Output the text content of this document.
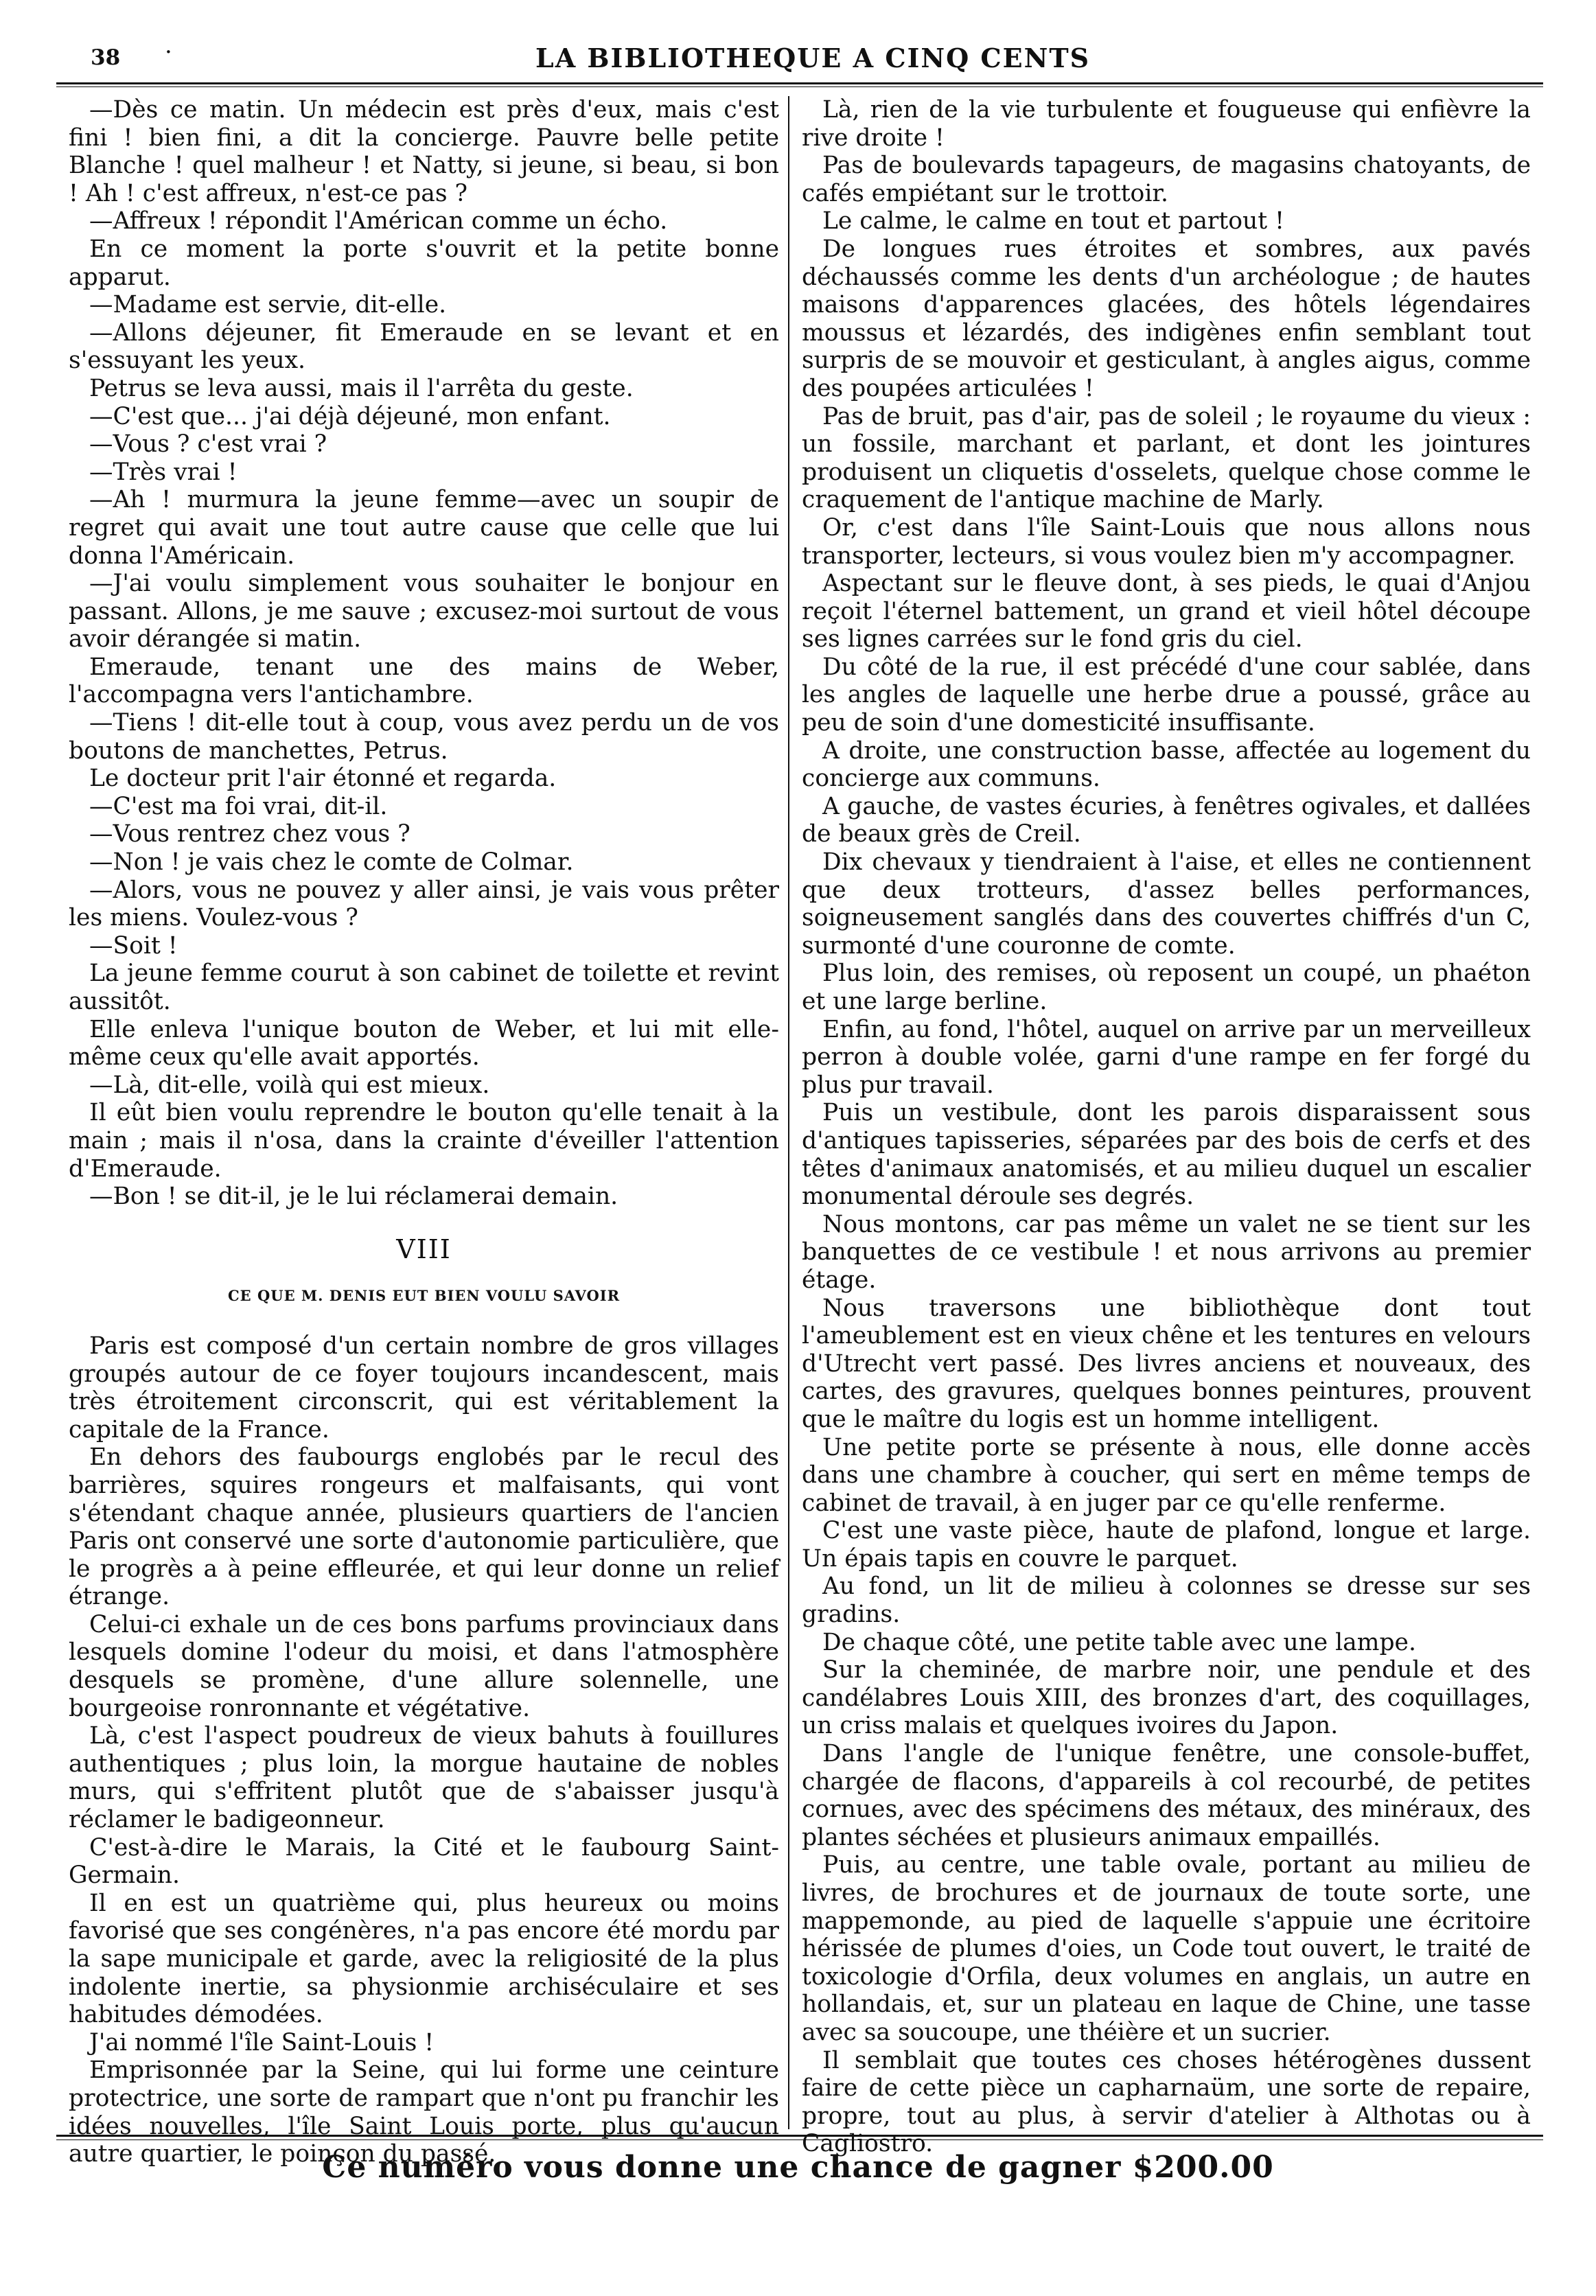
38 ·	LA BIBLIOTHEQUE A CINQ CENTS

—Dès ce matin. Un médecin est près d'eux, mais c'est fini ! bien fini, a dit la concierge. Pauvre belle petite Blanche ! quel malheur ! et Natty, si jeune, si beau, si bon ! Ah ! c'est affreux, n'est-ce pas ?

—Affreux ! répondit l'Américan comme un écho.

En ce moment la porte s'ouvrit et la petite bonne apparut.

—Madame est servie, dit-elle.

—Allons déjeuner, fit Emeraude en se levant et en s'essuyant les yeux.

Petrus se leva aussi, mais il l'arrêta du geste.

—C'est que... j'ai déjà déjeuné, mon enfant.

—Vous ? c'est vrai ?

—Très vrai !

—Ah ! murmura la jeune femme—avec un soupir de regret qui avait une tout autre cause que celle que lui donna l'Américain.

—J'ai voulu simplement vous souhaiter le bonjour en passant. Allons, je me sauve ; excusez-moi surtout de vous avoir dérangée si matin.

Emeraude, tenant une des mains de Weber, l'accompagna vers l'antichambre.

—Tiens ! dit-elle tout à coup, vous avez perdu un de vos boutons de manchettes, Petrus.

Le docteur prit l'air étonné et regarda.

—C'est ma foi vrai, dit-il.

—Vous rentrez chez vous ?

—Non ! je vais chez le comte de Colmar.

—Alors, vous ne pouvez y aller ainsi, je vais vous prêter les miens. Voulez-vous ?

—Soit !

La jeune femme courut à son cabinet de toilette et revint aussitôt.

Elle enleva l'unique bouton de Weber, et lui mit elle-même ceux qu'elle avait apportés.

—Là, dit-elle, voilà qui est mieux.

Il eût bien voulu reprendre le bouton qu'elle tenait à la main ; mais il n'osa, dans la crainte d'éveiller l'attention d'Emeraude.

—Bon ! se dit-il, je le lui réclamerai demain.

VIII
CE QUE M. DENIS EUT BIEN VOULU SAVOIR

Paris est composé d'un certain nombre de gros villages groupés autour de ce foyer toujours incandescent, mais très étroitement circonscrit, qui est véritablement la capitale de la France.

En dehors des faubourgs englobés par le recul des barrières, squires rongeurs et malfaisants, qui vont s'étendant chaque année, plusieurs quartiers de l'ancien Paris ont conservé une sorte d'autonomie particulière, que le progrès a à peine effleurée, et qui leur donne un relief étrange.

Celui-ci exhale un de ces bons parfums provinciaux dans lesquels domine l'odeur du moisi, et dans l'atmosphère desquels se promène, d'une allure solennelle, une bourgeoise ronronnante et végétative.

Là, c'est l'aspect poudreux de vieux bahuts à fouillures authentiques ; plus loin, la morgue hautaine de nobles murs, qui s'effritent plutôt que de s'abaisser jusqu'à réclamer le badigeonneur.

C'est-à-dire le Marais, la Cité et le faubourg Saint-Germain.

Il en est un quatrième qui, plus heureux ou moins favorisé que ses congénères, n'a pas encore été mordu par la sape municipale et garde, avec la religiosité de la plus indolente inertie, sa physionmie archiséculaire et ses habitudes démodées.

J'ai nommé l'île Saint-Louis !

Emprisonnée par la Seine, qui lui forme une ceinture protectrice, une sorte de rampart que n'ont pu franchir les idées nouvelles, l'île Saint Louis porte, plus qu'aucun autre quartier, le poinçon du passé.

Là, rien de la vie turbulente et fougueuse qui enfièvre la rive droite !

Pas de boulevards tapageurs, de magasins chatoyants, de cafés empiétant sur le trottoir.

Le calme, le calme en tout et partout !

De longues rues étroites et sombres, aux pavés déchaussés comme les dents d'un archéologue ; de hautes maisons d'apparences glacées, des hôtels légendaires moussus et lézardés, des indigènes enfin semblant tout surpris de se mouvoir et gesticulant, à angles aigus, comme des poupées articulées !

Pas de bruit, pas d'air, pas de soleil ; le royaume du vieux : un fossile, marchant et parlant, et dont les jointures produisent un cliquetis d'osselets, quelque chose comme le craquement de l'antique machine de Marly.

Or, c'est dans l'île Saint-Louis que nous allons nous transporter, lecteurs, si vous voulez bien m'y accompagner.

Aspectant sur le fleuve dont, à ses pieds, le quai d'Anjou reçoit l'éternel battement, un grand et vieil hôtel découpe ses lignes carrées sur le fond gris du ciel.

Du côté de la rue, il est précédé d'une cour sablée, dans les angles de laquelle une herbe drue a poussé, grâce au peu de soin d'une domesticité insuffisante.

A droite, une construction basse, affectée au logement du concierge aux communs.

A gauche, de vastes écuries, à fenêtres ogivales, et dallées de beaux grès de Creil.

Dix chevaux y tiendraient à l'aise, et elles ne contiennent que deux trotteurs, d'assez belles performances, soigneusement sanglés dans des couvertes chiffrés d'un C, surmonté d'une couronne de comte.

Plus loin, des remises, où reposent un coupé, un phaéton et une large berline.

Enfin, au fond, l'hôtel, auquel on arrive par un merveilleux perron à double volée, garni d'une rampe en fer forgé du plus pur travail.

Puis un vestibule, dont les parois disparaissent sous d'antiques tapisseries, séparées par des bois de cerfs et des têtes d'animaux anatomisés, et au milieu duquel un escalier monumental déroule ses degrés.

Nous montons, car pas même un valet ne se tient sur les banquettes de ce vestibule ! et nous arrivons au premier étage.

Nous traversons une bibliothèque dont tout l'ameublement est en vieux chêne et les tentures en velours d'Utrecht vert passé. Des livres anciens et nouveaux, des cartes, des gravures, quelques bonnes peintures, prouvent que le maître du logis est un homme intelligent.

Une petite porte se présente à nous, elle donne accès dans une chambre à coucher, qui sert en même temps de cabinet de travail, à en juger par ce qu'elle renferme.

C'est une vaste pièce, haute de plafond, longue et large. Un épais tapis en couvre le parquet.

Au fond, un lit de milieu à colonnes se dresse sur ses gradins.

De chaque côté, une petite table avec une lampe.

Sur la cheminée, de marbre noir, une pendule et des candélabres Louis XIII, des bronzes d'art, des coquillages, un criss malais et quelques ivoires du Japon.

Dans l'angle de l'unique fenêtre, une console-buffet, chargée de flacons, d'appareils à col recourbé, de petites cornues, avec des spécimens des métaux, des minéraux, des plantes séchées et plusieurs animaux empaillés.

Puis, au centre, une table ovale, portant au milieu de livres, de brochures et de journaux de toute sorte, une mappemonde, au pied de laquelle s'appuie une écritoire hérissée de plumes d'oies, un Code tout ouvert, le traité de toxicologie d'Orfila, deux volumes en anglais, un autre en hollandais, et, sur un plateau en laque de Chine, une tasse avec sa soucoupe, une théière et un sucrier.

Il semblait que toutes ces choses hétérogènes dussent faire de cette pièce un capharnaüm, une sorte de repaire, propre, tout au plus, à servir d'atelier à Althotas ou à Cagliostro.

Ce numéro vous donne une chance de gagner $200.00
